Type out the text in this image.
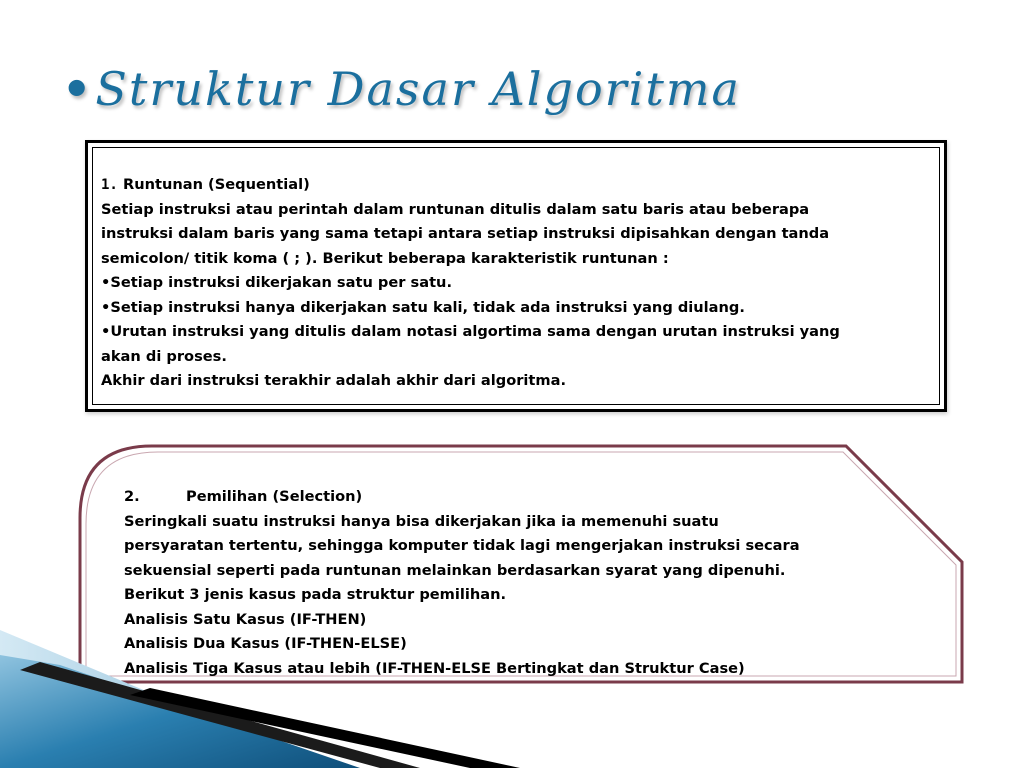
•Struktur Dasar Algoritma

1. Runtunan (Sequential)

Setiap instruksi atau perintah dalam runtunan ditulis dalam satu baris atau beberapa

instruksi dalam baris yang sama tetapi antara setiap instruksi dipisahkan dengan tanda

semicolon/ titik koma ( ; ). Berikut beberapa karakteristik runtunan :

•Setiap instruksi dikerjakan satu per satu.

•Setiap instruksi hanya dikerjakan satu kali, tidak ada instruksi yang diulang.

•Urutan instruksi yang ditulis dalam notasi algortima sama dengan urutan instruksi yang

akan di proses.

Akhir dari instruksi terakhir adalah akhir dari algoritma.

2.	Pemilihan (Selection)

Seringkali suatu instruksi hanya bisa dikerjakan jika ia memenuhi suatu

persyaratan tertentu, sehingga komputer tidak lagi mengerjakan instruksi secara

sekuensial seperti pada runtunan melainkan berdasarkan syarat yang dipenuhi.

Berikut 3 jenis kasus pada struktur pemilihan.

Analisis Satu Kasus (IF-THEN)

Analisis Dua Kasus (IF-THEN-ELSE)

Analisis Tiga Kasus atau lebih (IF-THEN-ELSE Bertingkat dan Struktur Case)
